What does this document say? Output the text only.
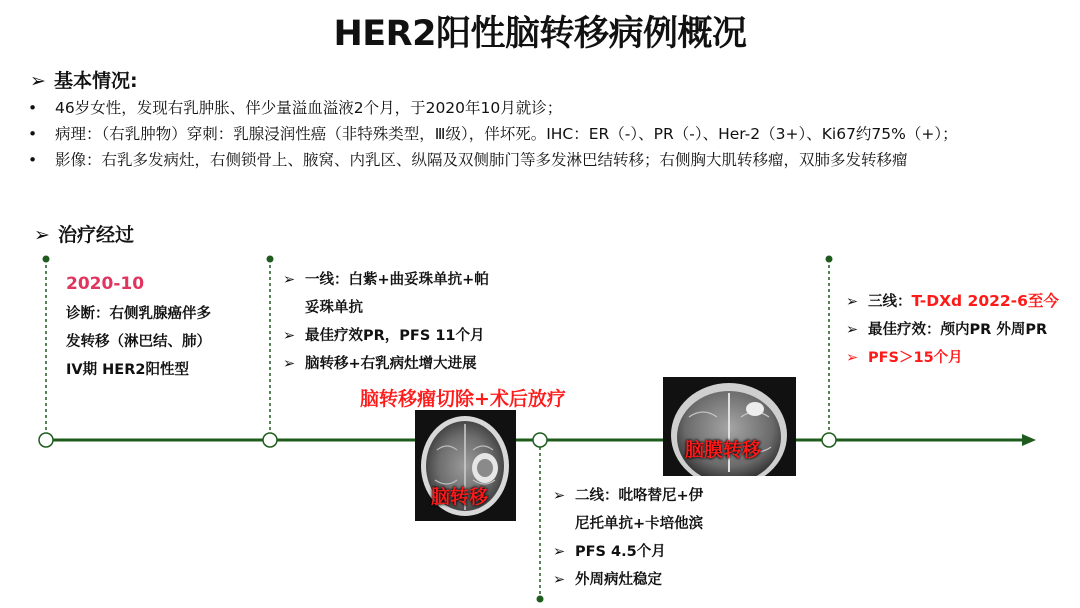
HER2阳性脑转移病例概况
➢ 基本情况:
• 46岁女性，发现右乳肿胀、伴少量溢血溢液2个月，于2020年10月就诊；
• 病理：（右乳肿物）穿刺：乳腺浸润性癌（非特殊类型，Ⅲ级），伴坏死。IHC：ER（-）、PR（-）、Her-2（3+）、Ki67约75%（+）；
• 影像：右乳多发病灶，右侧锁骨上、腋窝、内乳区、纵隔及双侧肺门等多发淋巴结转移；右侧胸大肌转移瘤，双肺多发转移瘤
➢ 治疗经过
2020-10
诊断：右侧乳腺癌伴多
发转移（淋巴结、肺）
IV期 HER2阳性型
➢ 一线：白紫+曲妥珠单抗+帕
妥珠单抗
➢ 最佳疗效PR，PFS 11个月
➢ 脑转移+右乳病灶增大进展
脑转移瘤切除+术后放疗
脑转移
脑膜转移
➢ 二线：吡咯替尼+伊
尼托单抗+卡培他滨
➢ PFS 4.5个月
➢ 外周病灶稳定
➢ 三线：T-DXd 2022-6至今
➢ 最佳疗效：颅内PR 外周PR
➢ PFS＞15个月
